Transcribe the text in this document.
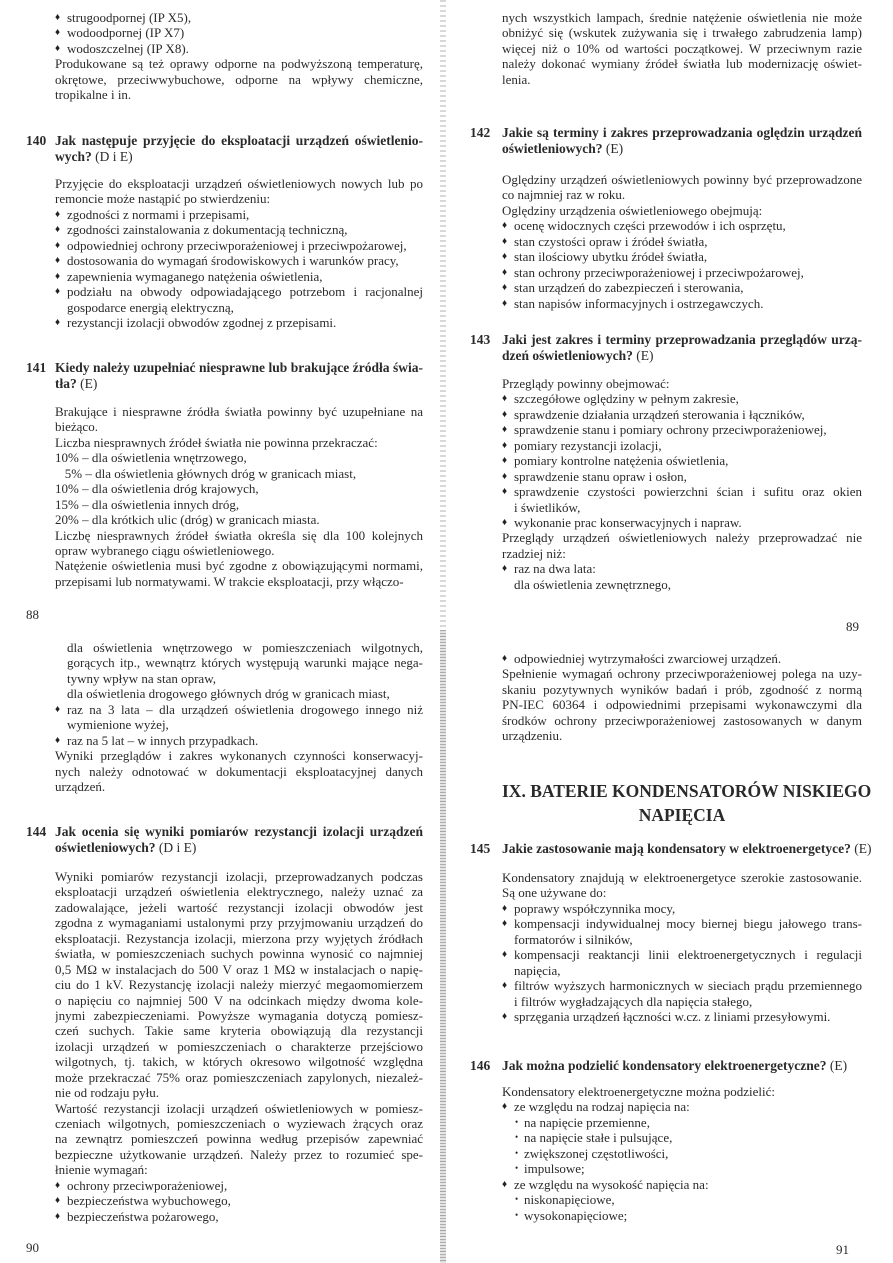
88
♦ strugoodpornej (IP X5),
♦ wodoodpornej (IP X7)
♦ wodoszczelnej (IP X8).
Produkowane są też oprawy odporne na podwyższoną temperaturę,
okrętowe, przeciwwybuchowe, odporne na wpływy chemiczne,
tropikalne i in.
140 Jak następuje przyjęcie do eksploatacji urządzeń oświetlenio-
wych? (D i E)
Przyjęcie do eksploatacji urządzeń oświetleniowych nowych lub po
remoncie może nastąpić po stwierdzeniu:
♦ zgodności z normami i przepisami,
♦ zgodności zainstalowania z dokumentacją techniczną,
♦ odpowiedniej ochrony przeciwporażeniowej i przeciwpożarowej,
♦ dostosowania do wymagań środowiskowych i warunków pracy,
♦ zapewnienia wymaganego natężenia oświetlenia,
♦ podziału na obwody odpowiadającego potrzebom i racjonalnej
gospodarce energią elektryczną,
♦ rezystancji izolacji obwodów zgodnej z przepisami.
141 Kiedy należy uzupełniać niesprawne lub brakujące źródła świa-
tła? (E)
Brakujące i niesprawne źródła światła powinny być uzupełniane na
bieżąco.
Liczba niesprawnych źródeł światła nie powinna przekraczać:
10% – dla oświetlenia wnętrzowego,
  5% – dla oświetlenia głównych dróg w granicach miast,
10% – dla oświetlenia dróg krajowych,
15% – dla oświetlenia innych dróg,
20% – dla krótkich ulic (dróg) w granicach miasta.
Liczbę niesprawnych źródeł światła określa się dla 100 kolejnych
opraw wybranego ciągu oświetleniowego.
Natężenie oświetlenia musi być zgodne z obowiązującymi normami,
przepisami lub normatywami. W trakcie eksploatacji, przy włączo-
89
nych wszystkich lampach, średnie natężenie oświetlenia nie może
obniżyć się (wskutek zużywania się i trwałego zabrudzenia lamp)
więcej niż o 10% od wartości początkowej. W przeciwnym razie
należy dokonać wymiany źródeł światła lub modernizację oświet-
lenia.
142 Jakie są terminy i zakres przeprowadzania oględzin urządzeń
oświetleniowych? (E)
Oględziny urządzeń oświetleniowych powinny być przeprowadzone
co najmniej raz w roku.
Oględziny urządzenia oświetleniowego obejmują:
♦ ocenę widocznych części przewodów i ich osprzętu,
♦ stan czystości opraw i źródeł światła,
♦ stan ilościowy ubytku źródeł światła,
♦ stan ochrony przeciwporażeniowej i przeciwpożarowej,
♦ stan urządzeń do zabezpieczeń i sterowania,
♦ stan napisów informacyjnych i ostrzegawczych.
143 Jaki jest zakres i terminy przeprowadzania przeglądów urzą-
dzeń oświetleniowych? (E)
Przeglądy powinny obejmować:
♦ szczegółowe oględziny w pełnym zakresie,
♦ sprawdzenie działania urządzeń sterowania i łączników,
♦ sprawdzenie stanu i pomiary ochrony przeciwporażeniowej,
♦ pomiary rezystancji izolacji,
♦ pomiary kontrolne natężenia oświetlenia,
♦ sprawdzenie stanu opraw i osłon,
♦ sprawdzenie czystości powierzchni ścian i sufitu oraz okien
i świetlików,
♦ wykonanie prac konserwacyjnych i napraw.
Przeglądy urządzeń oświetleniowych należy przeprowadzać nie
rzadziej niż:
♦ raz na dwa lata:
dla oświetlenia zewnętrznego,
90
dla oświetlenia wnętrzowego w pomieszczeniach wilgotnych,
gorących itp., wewnątrz których występują warunki mające nega-
tywny wpływ na stan opraw,
dla oświetlenia drogowego głównych dróg w granicach miast,
♦ raz na 3 lata – dla urządzeń oświetlenia drogowego innego niż
wymienione wyżej,
♦ raz na 5 lat – w innych przypadkach.
Wyniki przeglądów i zakres wykonanych czynności konserwacyj-
nych należy odnotować w dokumentacji eksploatacyjnej danych
urządzeń.
144 Jak ocenia się wyniki pomiarów rezystancji izolacji urządzeń
oświetleniowych? (D i E)
Wyniki pomiarów rezystancji izolacji, przeprowadzanych podczas
eksploatacji urządzeń oświetlenia elektrycznego, należy uznać za
zadowalające, jeżeli wartość rezystancji izolacji obwodów jest
zgodna z wymaganiami ustalonymi przy przyjmowaniu urządzeń do
eksploatacji. Rezystancja izolacji, mierzona przy wyjętych źródłach
światła, w pomieszczeniach suchych powinna wynosić co najmniej
0,5 MΩ w instalacjach do 500 V oraz 1 MΩ w instalacjach o napię-
ciu do 1 kV. Rezystancję izolacji należy mierzyć megaomomierzem
o napięciu co najmniej 500 V na odcinkach między dwoma kole-
jnymi zabezpieczeniami. Powyższe wymagania dotyczą pomiesz-
czeń suchych. Takie same kryteria obowiązują dla rezystancji
izolacji urządzeń w pomieszczeniach o charakterze przejściowo
wilgotnych, tj. takich, w których okresowo wilgotność względna
może przekraczać 75% oraz pomieszczeniach zapylonych, niezależ-
nie od rodzaju pyłu.
Wartość rezystancji izolacji urządzeń oświetleniowych w pomiesz-
czeniach wilgotnych, pomieszczeniach o wyziewach żrących oraz
na zewnątrz pomieszczeń powinna według przepisów zapewniać
bezpieczne użytkowanie urządzeń. Należy przez to rozumieć spe-
łnienie wymagań:
♦ ochrony przeciwporażeniowej,
♦ bezpieczeństwa wybuchowego,
♦ bezpieczeństwa pożarowego,
91
♦ odpowiedniej wytrzymałości zwarciowej urządzeń.
Spełnienie wymagań ochrony przeciwporażeniowej polega na uzy-
skaniu pozytywnych wyników badań i prób, zgodność z normą
PN-IEC 60364 i odpowiednimi przepisami wykonawczymi dla
środków ochrony przeciwporażeniowej zastosowanych w danym
urządzeniu.
IX. BATERIE KONDENSATORÓW NISKIEGO
NAPIĘCIA
145 Jakie zastosowanie mają kondensatory w elektroenergetyce? (E)
Kondensatory znajdują w elektroenergetyce szerokie zastosowanie.
Są one używane do:
♦ poprawy współczynnika mocy,
♦ kompensacji indywidualnej mocy biernej biegu jałowego trans-
formatorów i silników,
♦ kompensacji reaktancji linii elektroenergetycznych i regulacji
napięcia,
♦ filtrów wyższych harmonicznych w sieciach prądu przemiennego
i filtrów wygładzających dla napięcia stałego,
♦ sprzęgania urządzeń łączności w.cz. z liniami przesyłowymi.
146 Jak można podzielić kondensatory elektroenergetyczne? (E)
Kondensatory elektroenergetyczne można podzielić:
♦ ze względu na rodzaj napięcia na:
• na napięcie przemienne,
• na napięcie stałe i pulsujące,
• zwiększonej częstotliwości,
• impulsowe;
♦ ze względu na wysokość napięcia na:
• niskonapięciowe,
• wysokonapięciowe;
